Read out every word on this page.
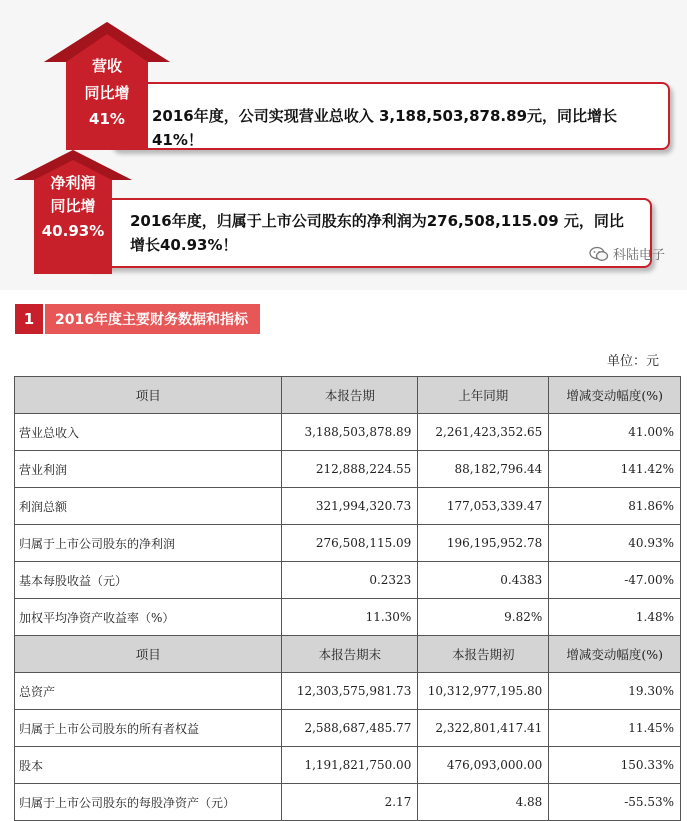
2016年度，公司实现营业总收入 3,188,503,878.89元，同比增长 41%！
营收
同比增
41%
2016年度，归属于上市公司股东的净利润为276,508,115.09 元，同比
增长40.93%！
净利润
同比增
40.93%
科陆电子
1	2016年度主要财务数据和指标
单位：元
项目	本报告期	上年同期	增减变动幅度(%)
营业总收入	3,188,503,878.89	2,261,423,352.65	41.00%
营业利润	212,888,224.55	88,182,796.44	141.42%
利润总额	321,994,320.73	177,053,339.47	81.86%
归属于上市公司股东的净利润	276,508,115.09	196,195,952.78	40.93%
基本每股收益（元）	0.2323	0.4383	-47.00%
加权平均净资产收益率（%）	11.30%	9.82%	1.48%
项目	本报告期末	本报告期初	增减变动幅度(%)
总资产	12,303,575,981.73	10,312,977,195.80	19.30%
归属于上市公司股东的所有者权益	2,588,687,485.77	2,322,801,417.41	11.45%
股本	1,191,821,750.00	476,093,000.00	150.33%
归属于上市公司股东的每股净资产（元）	2.17	4.88	-55.53%
